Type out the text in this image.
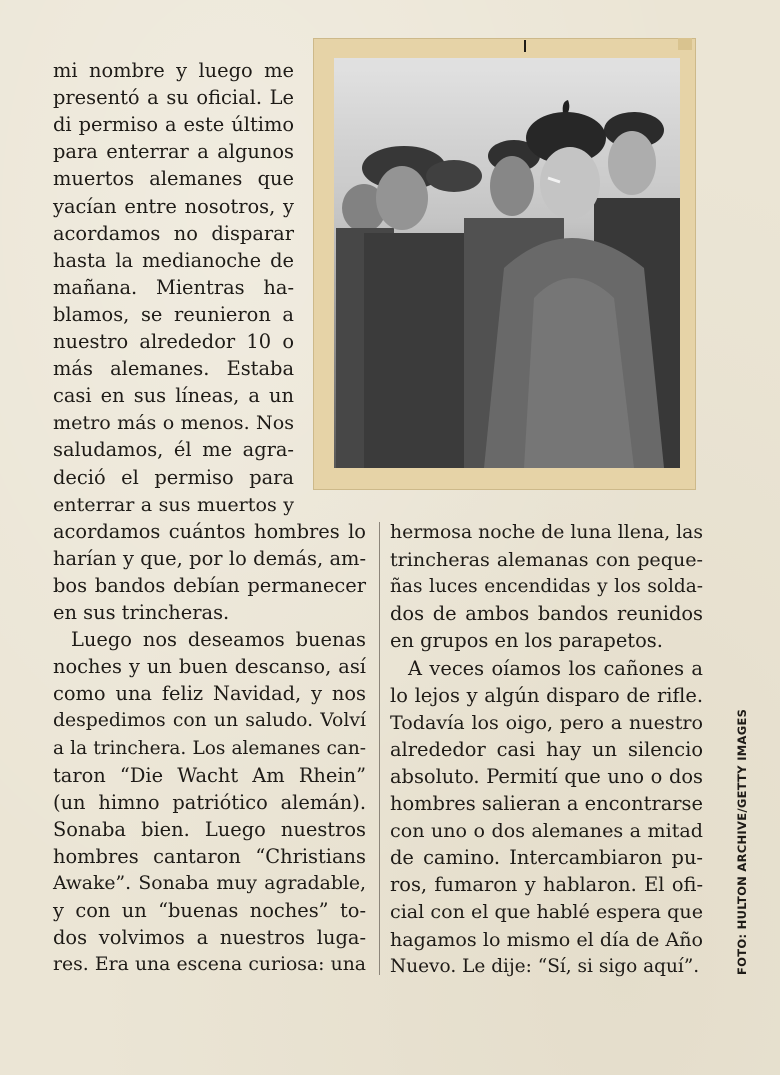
FOTO: HULTON ARCHIVE/GETTY IMAGES
mi nombre y luego me
presentó a su oficial. Le
di permiso a este último
para enterrar a algunos
muertos alemanes que
yacían entre nosotros, y
acordamos no disparar
hasta la medianoche de
mañana. Mientras ha-
blamos, se reunieron a
nuestro alrededor 10 o
más alemanes. Estaba
casi en sus líneas, a un
metro más o menos. Nos
saludamos, él me agra-
deció el permiso para
enterrar a sus muertos y
acordamos cuántos hombres lo
harían y que, por lo demás, am-
bos bandos debían permanecer
en sus trincheras.
Luego nos deseamos buenas
noches y un buen descanso, así
como una feliz Navidad, y nos
despedimos con un saludo. Volví
a la trinchera. Los alemanes can-
taron “Die Wacht Am Rhein”
(un himno patriótico alemán).
Sonaba bien. Luego nuestros
hombres cantaron “Christians
Awake”. Sonaba muy agradable,
y con un “buenas noches” to-
dos volvimos a nuestros luga-
res. Era una escena curiosa: una
hermosa noche de luna llena, las
trincheras alemanas con peque-
ñas luces encendidas y los solda-
dos de ambos bandos reunidos
en grupos en los parapetos.
A veces oíamos los cañones a
lo lejos y algún disparo de rifle.
Todavía los oigo, pero a nuestro
alrededor casi hay un silencio
absoluto. Permití que uno o dos
hombres salieran a encontrarse
con uno o dos alemanes a mitad
de camino. Intercambiaron pu-
ros, fumaron y hablaron. El ofi-
cial con el que hablé espera que
hagamos lo mismo el día de Año
Nuevo. Le dije: “Sí, si sigo aquí”.
